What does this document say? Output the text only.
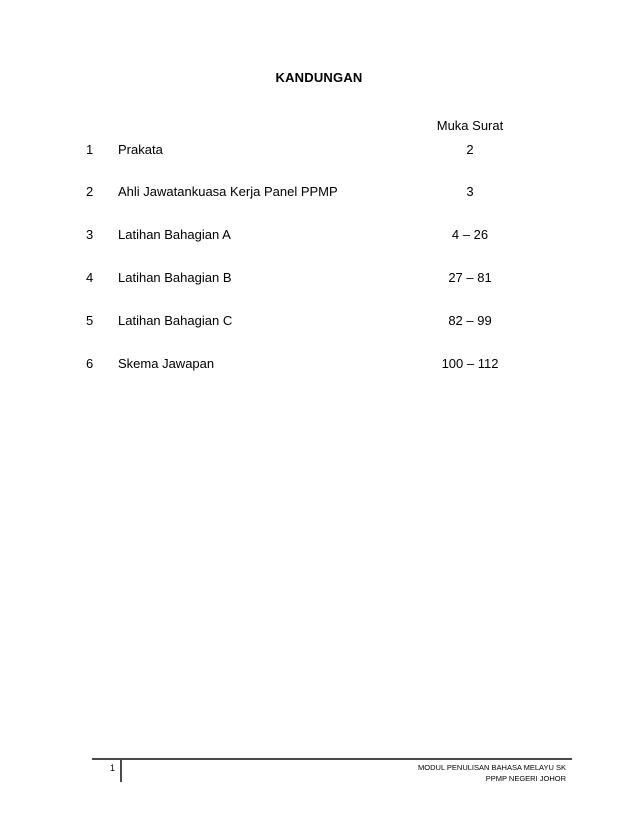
KANDUNGAN
Muka Surat
1 Prakata	2
2 Ahli Jawatankuasa Kerja Panel PPMP	3
3 Latihan Bahagian A	4 – 26
4 Latihan Bahagian B	27 – 81
5 Latihan Bahagian C	82 – 99
6 Skema Jawapan	100 – 112
1	MODUL PENULISAN BAHASA MELAYU SK
PPMP NEGERI JOHOR
